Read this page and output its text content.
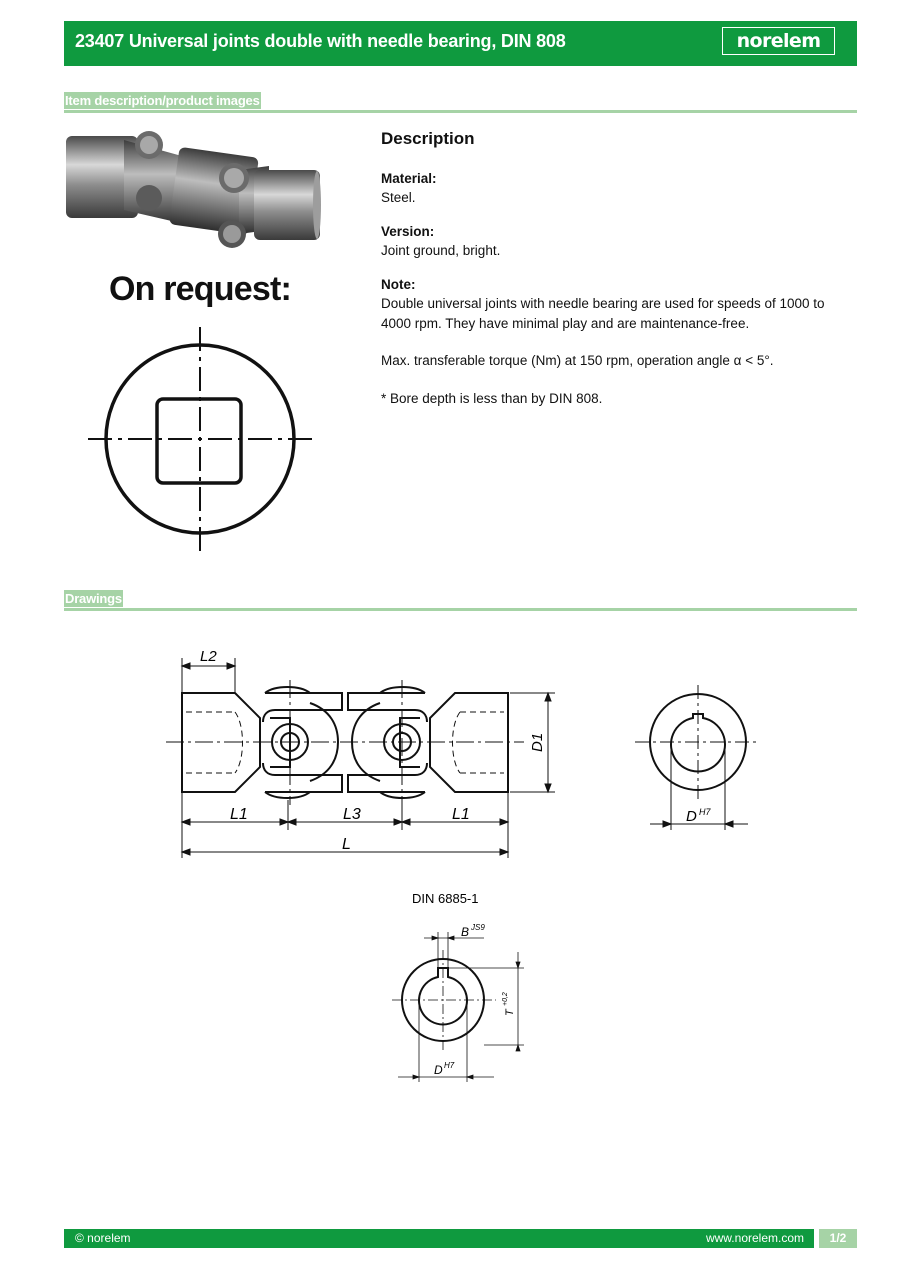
23407 Universal joints double with needle bearing, DIN 808	norelem
Item description/product images
On request:
Description
Material:
Steel.
Version:
Joint ground, bright.
Note:
Double universal joints with needle bearing are used for speeds of 1000 to 4000 rpm. They have minimal play and are maintenance-free.
Max. transferable torque (Nm) at 150 rpm, operation angle α < 5°.
* Bore depth is less than by DIN 808.
Drawings
L2
L1	L3	L1
L
D1
D H7
DIN 6885-1
B JS9
T
+0,2
D H7
© norelem	www.norelem.com	1/2
